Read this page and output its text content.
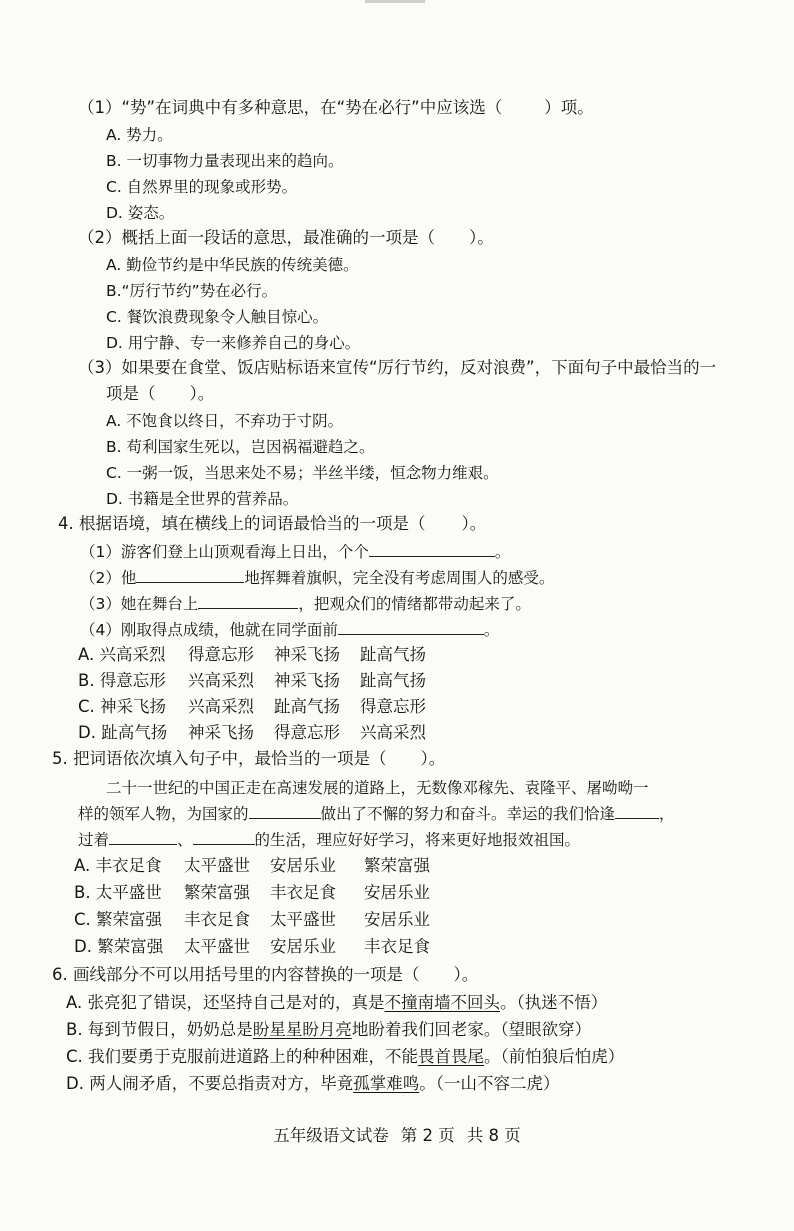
（1）“势”在词典中有多种意思，在“势在必行”中应该选（	）项。
A. 势力。
B. 一切事物力量表现出来的趋向。
C. 自然界里的现象或形势。
D. 姿态。
（2）概括上面一段话的意思，最准确的一项是（ ）。
A. 勤俭节约是中华民族的传统美德。
B.“厉行节约”势在必行。
C. 餐饮浪费现象令人触目惊心。
D. 用宁静、专一来修养自己的身心。
（3）如果要在食堂、饭店贴标语来宣传“厉行节约，反对浪费”，下面句子中最恰当的一
项是（ ）。
A. 不饱食以终日，不弃功于寸阴。
B. 苟利国家生死以，岂因祸福避趋之。
C. 一粥一饭，当思来处不易；半丝半缕，恒念物力维艰。
D. 书籍是全世界的营养品。
4. 根据语境，填在横线上的词语最恰当的一项是（ ）。
（1）游客们登上山顶观看海上日出，个个	。
（2）他	地挥舞着旗帜，完全没有考虑周围人的感受。
（3）她在舞台上	，把观众们的情绪都带动起来了。
（4）刚取得点成绩，他就在同学面前	。
A. 兴高采烈 得意忘形 神采飞扬 趾高气扬
B. 得意忘形 兴高采烈 神采飞扬 趾高气扬
C. 神采飞扬 兴高采烈 趾高气扬 得意忘形
D. 趾高气扬 神采飞扬 得意忘形 兴高采烈
5. 把词语依次填入句子中，最恰当的一项是（ ）。
二十一世纪的中国正走在高速发展的道路上，无数像邓稼先、袁隆平、屠呦呦一
样的领军人物，为国家的	做出了不懈的努力和奋斗。幸运的我们恰逢	，
过着	、	的生活，理应好好学习，将来更好地报效祖国。
A. 丰衣足食 太平盛世 安居乐业 繁荣富强
B. 太平盛世 繁荣富强 丰衣足食 安居乐业
C. 繁荣富强 丰衣足食 太平盛世 安居乐业
D. 繁荣富强 太平盛世 安居乐业 丰衣足食
6. 画线部分不可以用括号里的内容替换的一项是（ ）。
A. 张亮犯了错误，还坚持自己是对的，真是不撞南墙不回头。（执迷不悟）
B. 每到节假日，奶奶总是盼星星盼月亮地盼着我们回老家。（望眼欲穿）
C. 我们要勇于克服前进道路上的种种困难，不能畏首畏尾。（前怕狼后怕虎）
D. 两人闹矛盾，不要总指责对方，毕竟孤掌难鸣。（一山不容二虎）
五年级语文试卷 第 2 页 共 8 页
